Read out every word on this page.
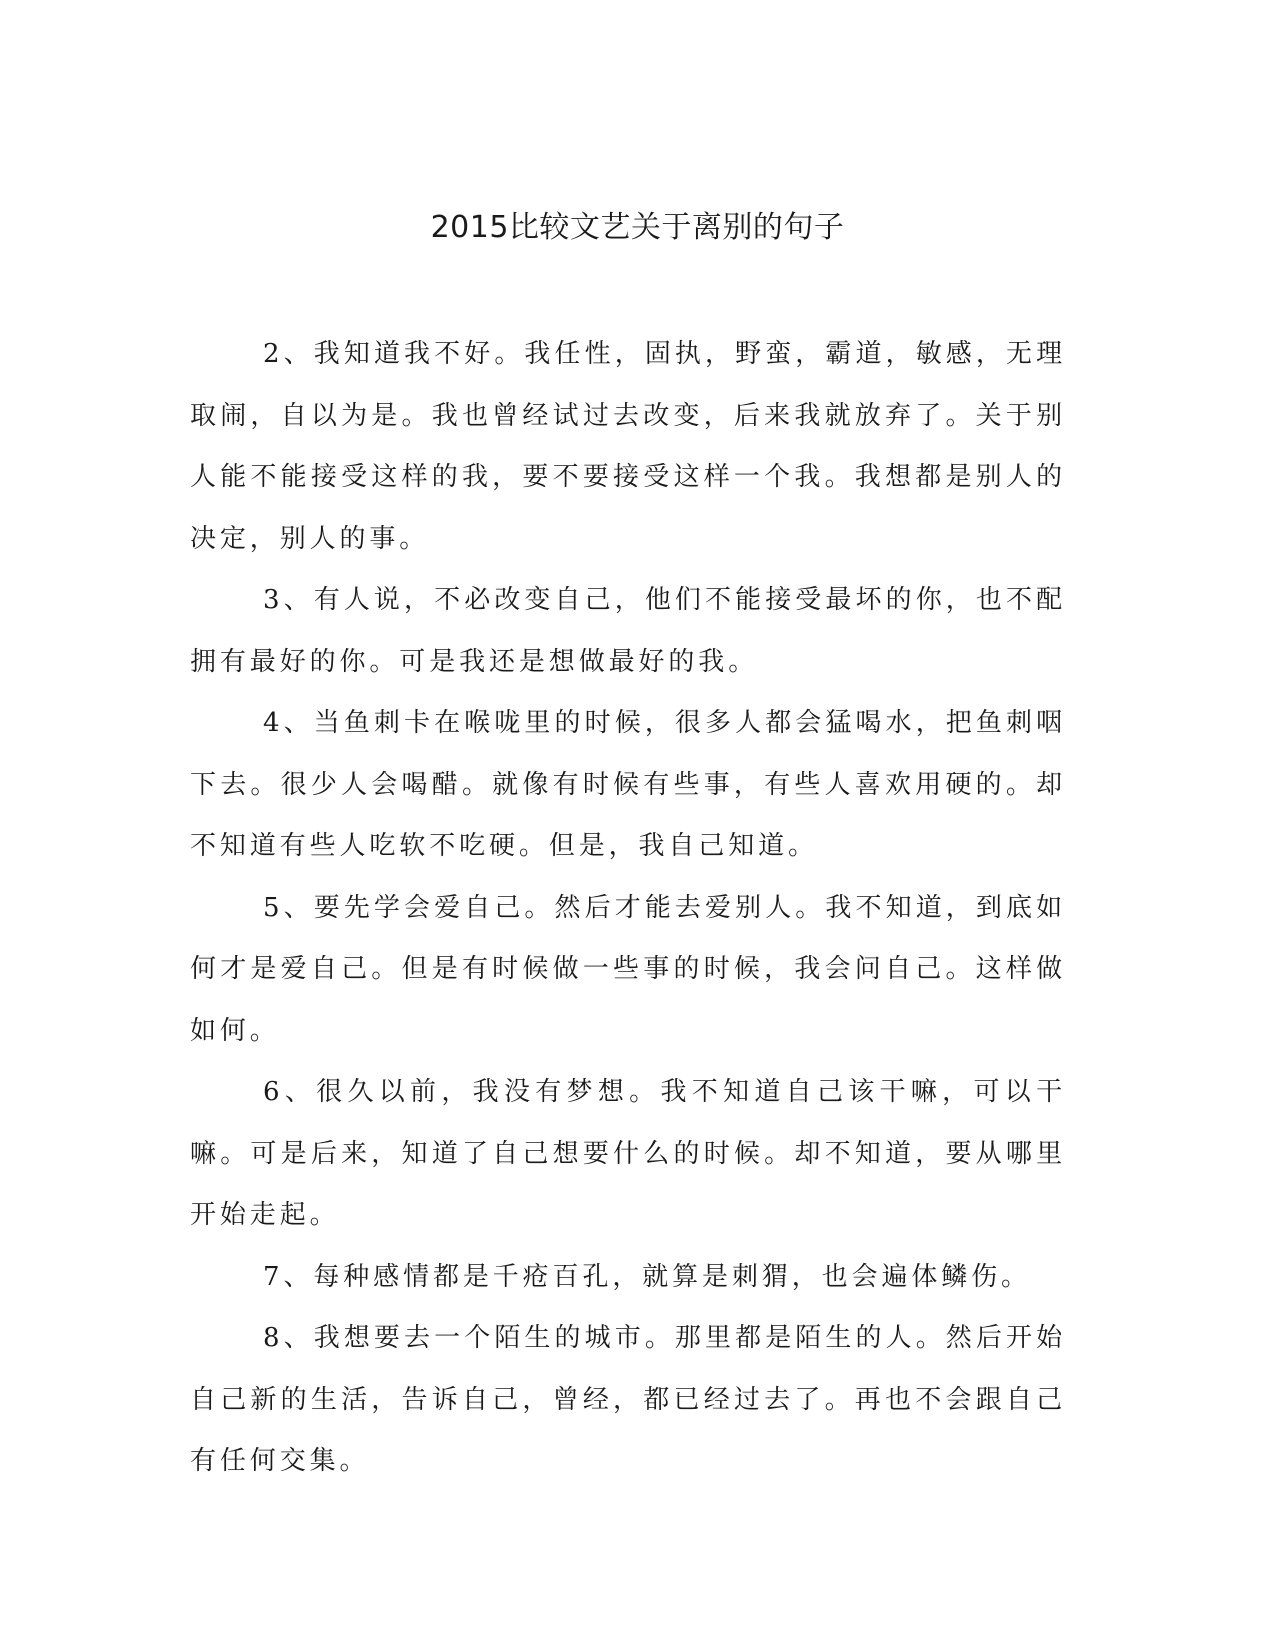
2015比较文艺关于离别的句子

2、我知道我不好。我任性，固执，野蛮，霸道，敏感，无理取闹，自以为是。我也曾经试过去改变，后来我就放弃了。关于别人能不能接受这样的我，要不要接受这样一个我。我想都是别人的决定，别人的事。

3、有人说，不必改变自己，他们不能接受最坏的你，也不配拥有最好的你。可是我还是想做最好的我。

4、当鱼刺卡在喉咙里的时候，很多人都会猛喝水，把鱼刺咽下去。很少人会喝醋。就像有时候有些事，有些人喜欢用硬的。却不知道有些人吃软不吃硬。但是，我自己知道。

5、要先学会爱自己。然后才能去爱别人。我不知道，到底如何才是爱自己。但是有时候做一些事的时候，我会问自己。这样做如何。

6、很久以前，我没有梦想。我不知道自己该干嘛，可以干嘛。可是后来，知道了自己想要什么的时候。却不知道，要从哪里开始走起。

7、每种感情都是千疮百孔，就算是刺猬，也会遍体鳞伤。

8、我想要去一个陌生的城市。那里都是陌生的人。然后开始自己新的生活，告诉自己，曾经，都已经过去了。再也不会跟自己有任何交集。
